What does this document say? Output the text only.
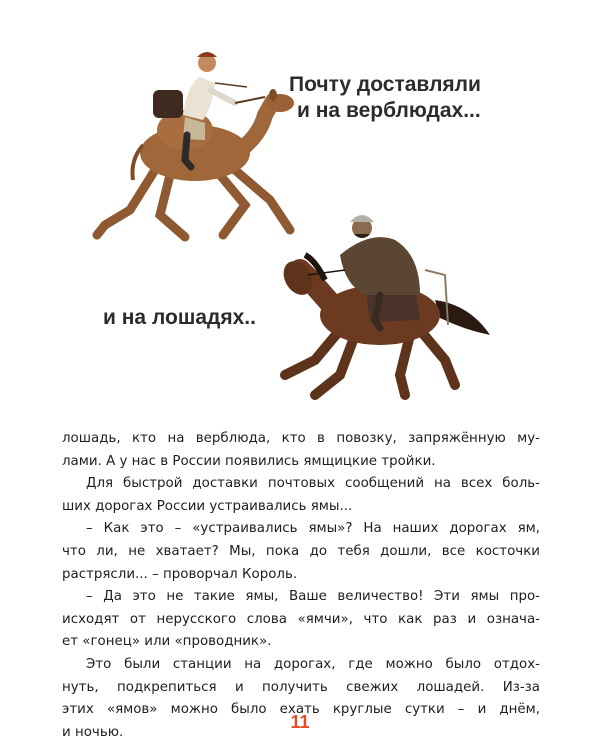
Почту доставляли
и на верблюдах...
и на лошадях..
лошадь, кто на верблюда, кто в повозку, запряжённую му-
лами. А у нас в России появились ямщицкие тройки.
Для быстрой доставки почтовых сообщений на всех боль-
ших дорогах России устраивались ямы...
– Как это – «устраивались ямы»? На наших дорогах ям,
что ли, не хватает? Мы, пока до тебя дошли, все косточки
растрясли... – проворчал Король.
– Да это не такие ямы, Ваше величество! Эти ямы про-
исходят от нерусского слова «ямчи», что как раз и означа-
ет «гонец» или «проводник».
Это были станции на дорогах, где можно было отдох-
нуть, подкрепиться и получить свежих лошадей. Из-за
этих «ямов» можно было ехать круглые сутки – и днём,
и ночью.
11
